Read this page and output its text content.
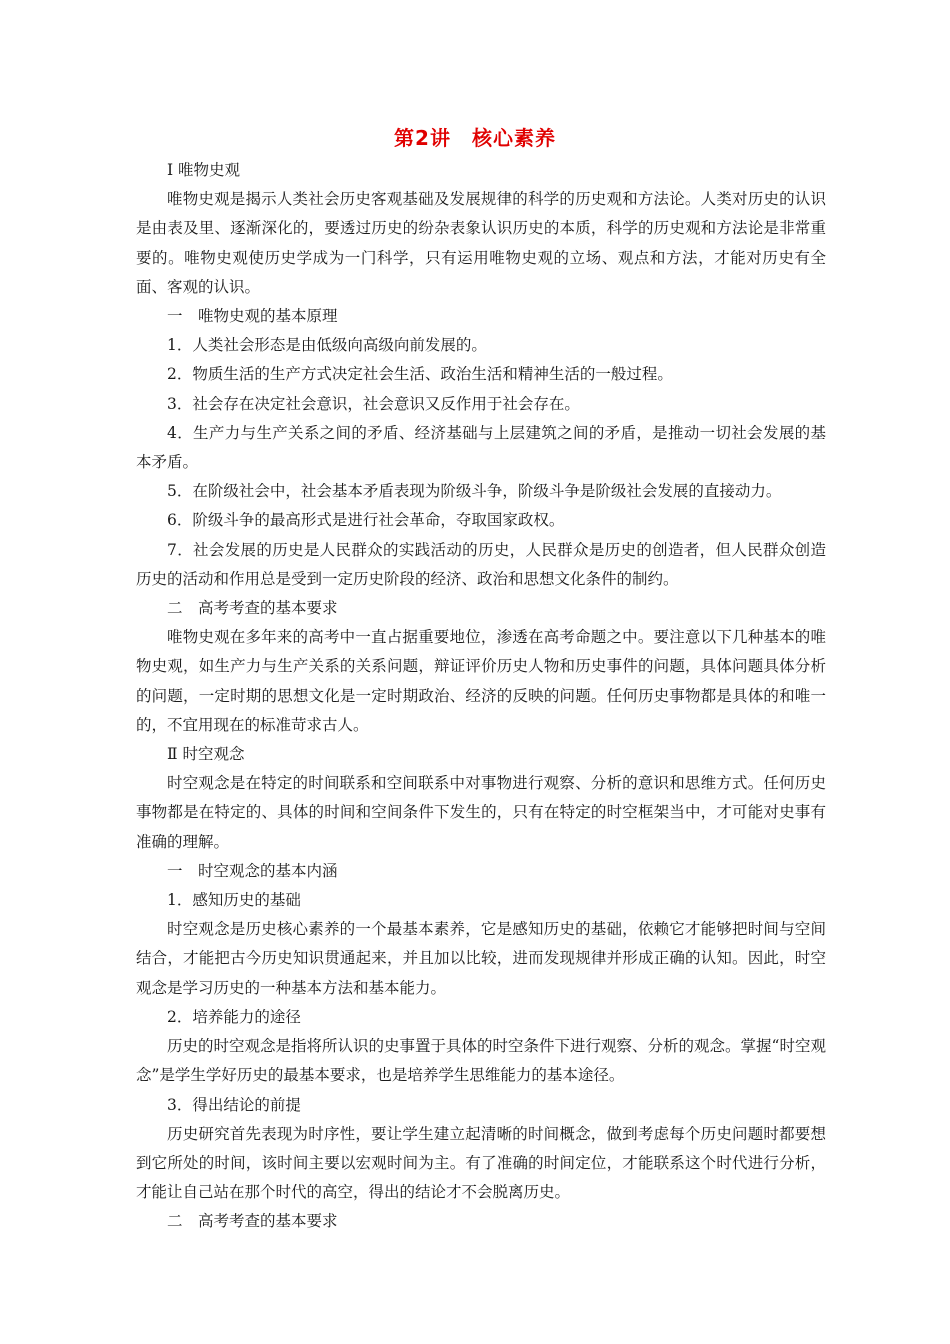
第2讲　核心素养

Ⅰ 唯物史观

唯物史观是揭示人类社会历史客观基础及发展规律的科学的历史观和方法论。人类对历史的认识是由表及里、逐渐深化的，要透过历史的纷杂表象认识历史的本质，科学的历史观和方法论是非常重要的。唯物史观使历史学成为一门科学，只有运用唯物史观的立场、观点和方法，才能对历史有全面、客观的认识。

一　唯物史观的基本原理

1．人类社会形态是由低级向高级向前发展的。

2．物质生活的生产方式决定社会生活、政治生活和精神生活的一般过程。

3．社会存在决定社会意识，社会意识又反作用于社会存在。

4．生产力与生产关系之间的矛盾、经济基础与上层建筑之间的矛盾，是推动一切社会发展的基本矛盾。

5．在阶级社会中，社会基本矛盾表现为阶级斗争，阶级斗争是阶级社会发展的直接动力。

6．阶级斗争的最高形式是进行社会革命，夺取国家政权。

7．社会发展的历史是人民群众的实践活动的历史，人民群众是历史的创造者，但人民群众创造历史的活动和作用总是受到一定历史阶段的经济、政治和思想文化条件的制约。

二　高考考查的基本要求

唯物史观在多年来的高考中一直占据重要地位，渗透在高考命题之中。要注意以下几种基本的唯物史观，如生产力与生产关系的关系问题，辩证评价历史人物和历史事件的问题，具体问题具体分析的问题，一定时期的思想文化是一定时期政治、经济的反映的问题。任何历史事物都是具体的和唯一的，不宜用现在的标准苛求古人。

Ⅱ 时空观念

时空观念是在特定的时间联系和空间联系中对事物进行观察、分析的意识和思维方式。任何历史事物都是在特定的、具体的时间和空间条件下发生的，只有在特定的时空框架当中，才可能对史事有准确的理解。

一　时空观念的基本内涵

1．感知历史的基础

时空观念是历史核心素养的一个最基本素养，它是感知历史的基础，依赖它才能够把时间与空间结合，才能把古今历史知识贯通起来，并且加以比较，进而发现规律并形成正确的认知。因此，时空观念是学习历史的一种基本方法和基本能力。

2．培养能力的途径

历史的时空观念是指将所认识的史事置于具体的时空条件下进行观察、分析的观念。掌握“时空观念”是学生学好历史的最基本要求，也是培养学生思维能力的基本途径。

3．得出结论的前提

历史研究首先表现为时序性，要让学生建立起清晰的时间概念，做到考虑每个历史问题时都要想到它所处的时间，该时间主要以宏观时间为主。有了准确的时间定位，才能联系这个时代进行分析，才能让自己站在那个时代的高空，得出的结论才不会脱离历史。

二　高考考查的基本要求
